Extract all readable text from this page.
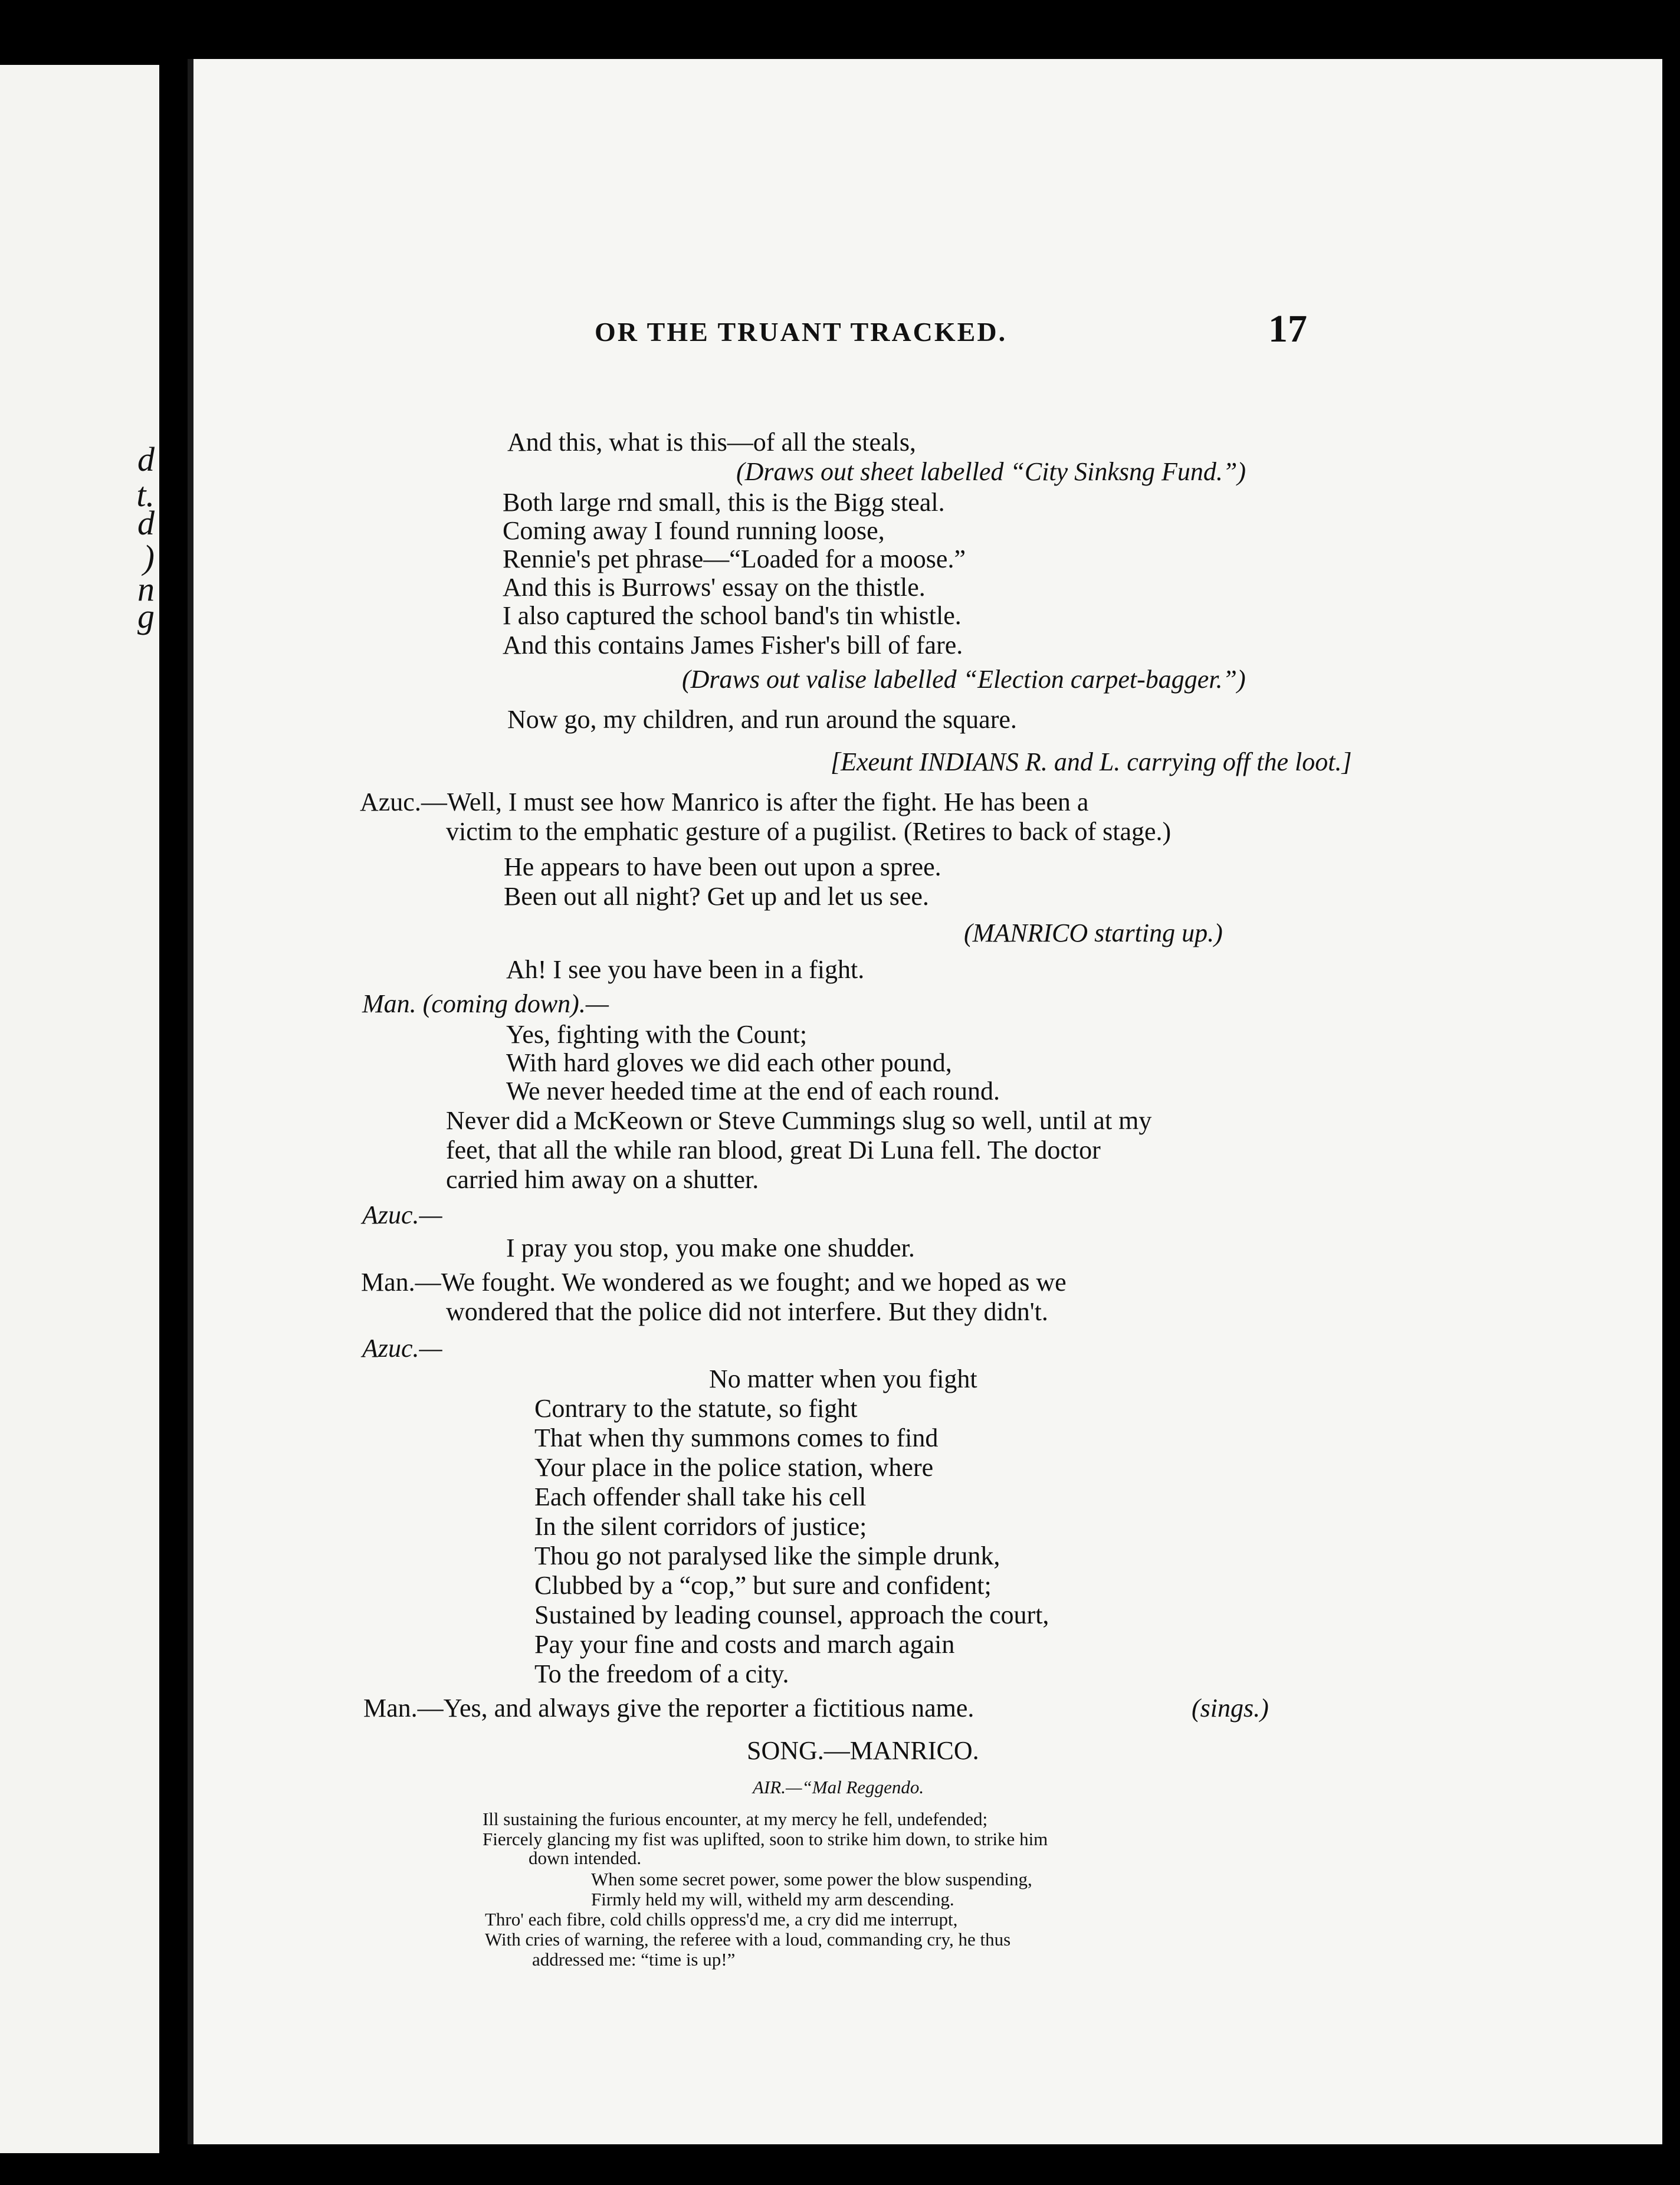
d
t.
d
)
n
g
OR THE TRUANT TRACKED.	17
And this, what is this—of all the steals,
(Draws out sheet labelled “City Sinksng Fund.”)
Both large rnd small, this is the Bigg steal.
Coming away I found running loose,
Rennie's pet phrase—“Loaded for a moose.”
And this is Burrows' essay on the thistle.
I also captured the school band's tin whistle.
And this contains James Fisher's bill of fare.
(Draws out valise labelled “Election carpet-bagger.”)
Now go, my children, and run around the square.
[Exeunt INDIANS R. and L. carrying off the loot.]
Azuc.—Well, I must see how Manrico is after the fight. He has been a
victim to the emphatic gesture of a pugilist. (Retires to back of stage.)
He appears to have been out upon a spree.
Been out all night? Get up and let us see.
(MANRICO starting up.)
Ah! I see you have been in a fight.
Man. (coming down).—
Yes, fighting with the Count;
With hard gloves we did each other pound,
We never heeded time at the end of each round.
Never did a McKeown or Steve Cummings slug so well, until at my
feet, that all the while ran blood, great Di Luna fell. The doctor
carried him away on a shutter.
Azuc.—
I pray you stop, you make one shudder.
Man.—We fought. We wondered as we fought; and we hoped as we
wondered that the police did not interfere. But they didn't.
Azuc.—
No matter when you fight
Contrary to the statute, so fight
That when thy summons comes to find
Your place in the police station, where
Each offender shall take his cell
In the silent corridors of justice;
Thou go not paralysed like the simple drunk,
Clubbed by a “cop,” but sure and confident;
Sustained by leading counsel, approach the court,
Pay your fine and costs and march again
To the freedom of a city.
Man.—Yes, and always give the reporter a fictitious name.	(sings.)
SONG.—MANRICO.
AIR.—“Mal Reggendo.
Ill sustaining the furious encounter, at my mercy he fell, undefended;
Fiercely glancing my fist was uplifted, soon to strike him down, to strike him
down intended.
When some secret power, some power the blow suspending,
Firmly held my will, witheld my arm descending.
Thro' each fibre, cold chills oppress'd me, a cry did me interrupt,
With cries of warning, the referee with a loud, commanding cry, he thus
addressed me: “time is up!”
